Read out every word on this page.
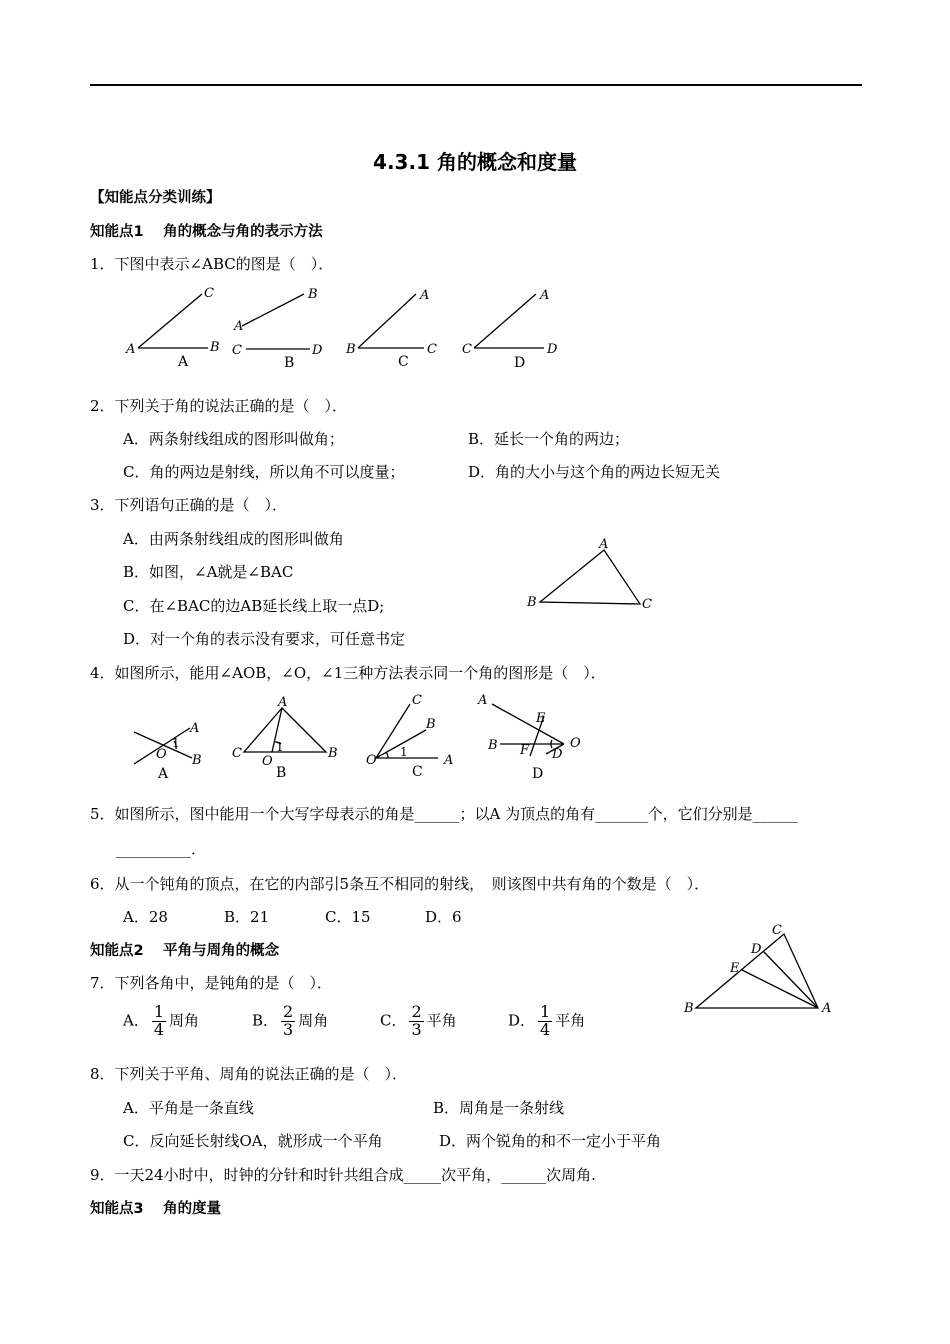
4.3.1 角的概念和度量
【知能点分类训练】
知能点1　 角的概念与角的表示方法
1．下图中表示∠ABC的图是（　）．
C
A	B
A
B
A
C	D
B
A
B	C
C
A
C	D
D
2．下列关于角的说法正确的是（　）．
A．两条射线组成的图形叫做角；	B．延长一个角的两边；
C．角的两边是射线，所以角不可以度量；	D．角的大小与这个角的两边长短无关
3．下列语句正确的是（　）．
A．由两条射线组成的图形叫做角
B．如图，∠A就是∠BAC
C．在∠BAC的边AB延长线上取一点D;
D．对一个角的表示没有要求，可任意书定
A
B	C
4．如图所示，能用∠AOB，∠O，∠1三种方法表示同一个角的图形是（　）．
A
1
O B
A
A
C	1
O
B
B
C
B
1
O	A
C
A
E
B F	O
D
D
5．如图所示，图中能用一个大写字母表示的角是______；以A 为顶点的角有_______个，它们分别是______
__________．
6．从一个钝角的顶点，在它的内部引5条互不相同的射线，　则该图中共有角的个数是（　）．
A．28	B．21	C．15	D．6
C
D
E
B	A
知能点2　 平角与周角的概念
7．下列各角中，是钝角的是（　）．
A． $\frac{1}{4}$ 周角	B． $\frac{2}{3}$ 周角	C． $\frac{2}{3}$ 平角	D． $\frac{1}{4}$ 平角
8．下列关于平角、周角的说法正确的是（　）．
A．平角是一条直线	B．周角是一条射线
C．反向延长射线OA，就形成一个平角	D．两个锐角的和不一定小于平角
9．一天24小时中，时钟的分针和时针共组合成_____次平角，______次周角.
知能点3　 角的度量
